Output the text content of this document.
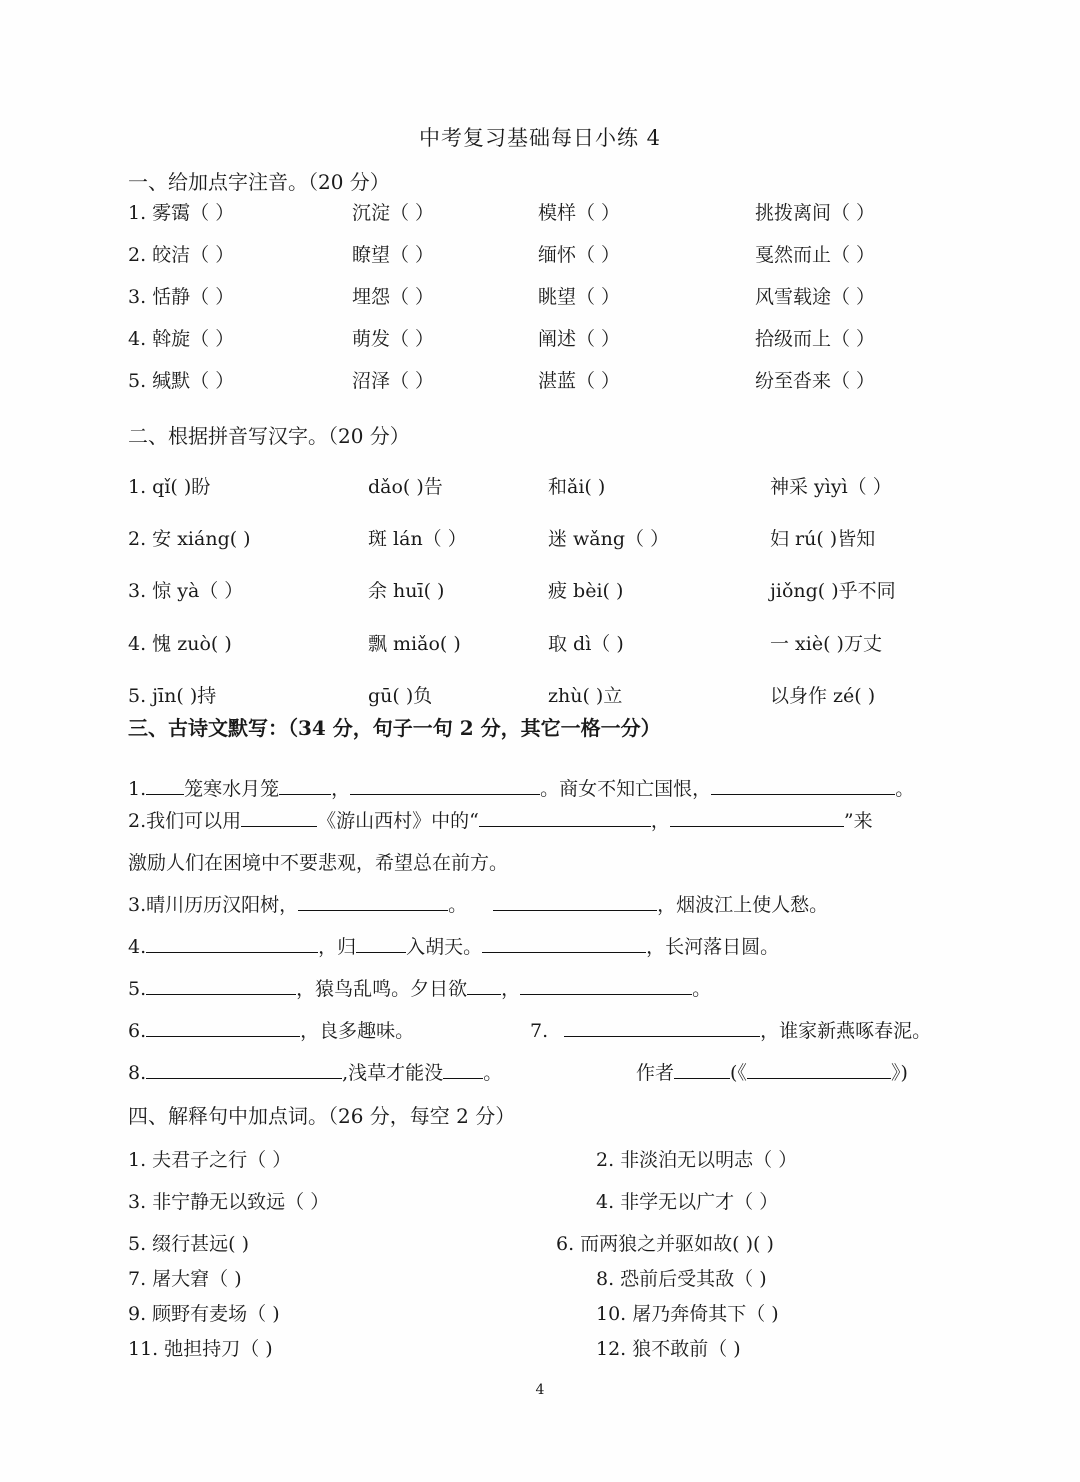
中考复习基础每日小练 4
一、给加点字注音。（20 分）
1. 雾霭（ ）	沉淀（ ）	模样（ ）	挑拨离间（ ）
2. 皎洁（ ）	瞭望（ ）	缅怀（ ）	戛然而止（ ）
3. 恬静（ ）	埋怨（ ）	眺望（ ）	风雪载途（ ）
4. 斡旋（ ）	萌发（ ）	阐述（ ）	拾级而上（ ）
5. 缄默（ ）	沼泽（ ）	湛蓝（ ）	纷至沓来（ ）
二、根据拼音写汉字。（20 分）
1. qǐ( )盼	dǎo( )告	和ǎi( )	神采 yìyì（ ）
2. 安 xiáng( )	斑 lán（ ）	迷 wǎng（ ）	妇 rú( )皆知
3. 惊 yà（ ）	余 huī( )	疲 bèi( )	jiǒng( )乎不同
4. 愧 zuò( )	飘 miǎo( )	取 dì（ )	一 xiè( )万丈
5. jīn( )持	gū( )负	zhù( )立	以身作 zé( )
三、古诗文默写：（34 分，句子一句 2 分，其它一格一分）
1. 笼寒水月笼	，	。商女不知亡国恨，	。
2.我们可以用	《游山西村》中的“	，	”来
激励人们在困境中不要悲观，希望总在前方。
3.晴川历历汉阳树，	。	，烟波江上使人愁。
4.	，归	入胡天。	，长河落日圆。
5.	，猿鸟乱鸣。夕日欲 ，	。
6.	，良多趣味。	7.	，谁家新燕啄春泥。
8.	,浅草才能没 。	作者	(《	》)
四、解释句中加点词。（26 分，每空 2 分）
1. 夫君子之行（ ）	2. 非淡泊无以明志（ ）
3. 非宁静无以致远（ ）	4. 非学无以广才（ ）
5. 缀行甚远( )	6. 而两狼之并驱如故( )( )
7. 屠大窘（ )	8. 恐前后受其敌（ )
9. 顾野有麦场（ )	10. 屠乃奔倚其下（ )
11. 弛担持刀（ )	12. 狼不敢前（ )
4
